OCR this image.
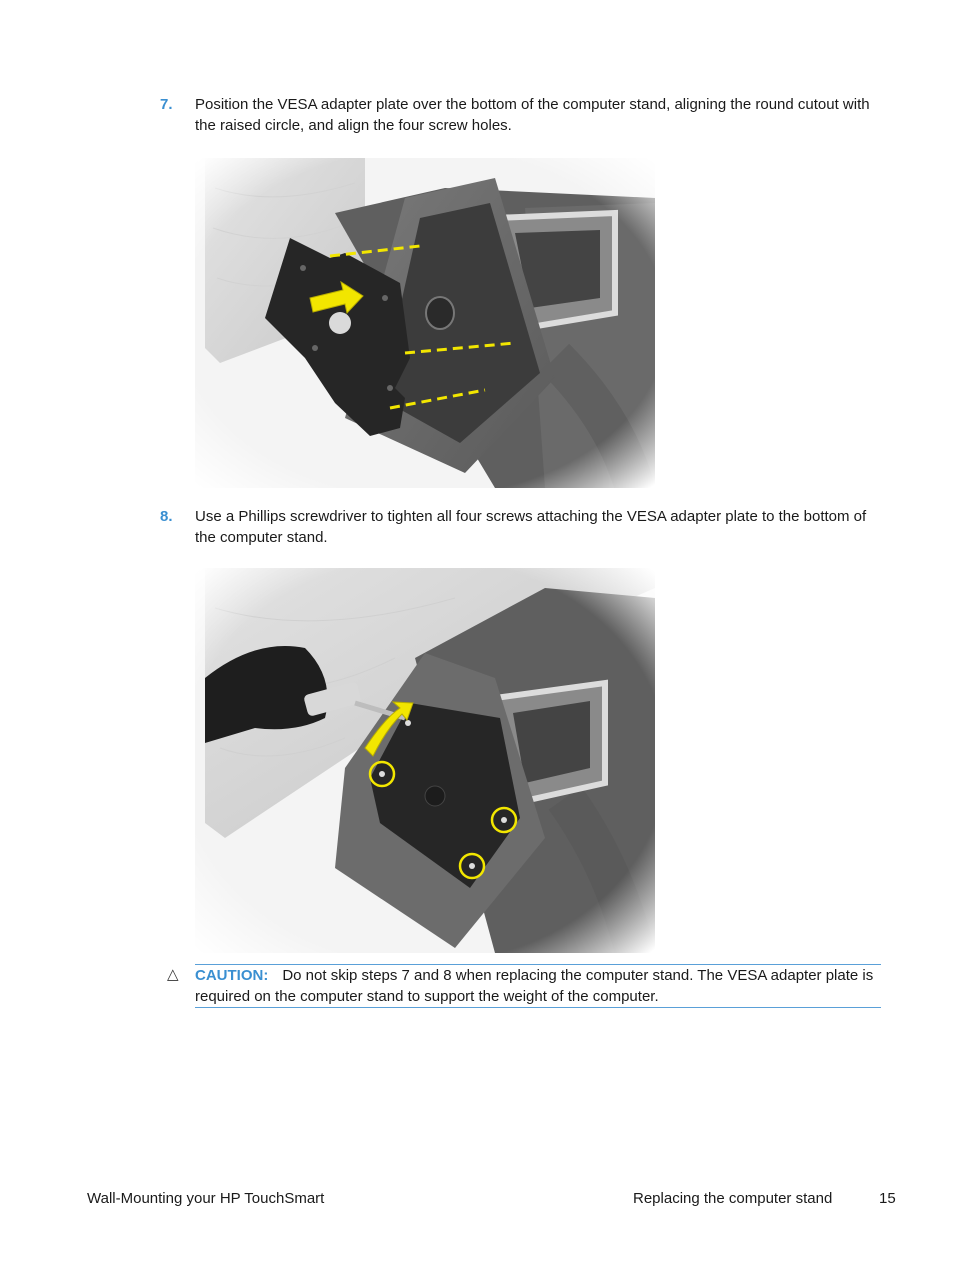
7. Position the VESA adapter plate over the bottom of the computer stand, aligning the round cutout with the raised circle, and align the four screw holes.
8. Use a Phillips screwdriver to tighten all four screws attaching the VESA adapter plate to the bottom of the computer stand.
△ CAUTION: Do not skip steps 7 and 8 when replacing the computer stand. The VESA adapter plate is required on the computer stand to support the weight of the computer.
Wall-Mounting your HP TouchSmart	Replacing the computer stand	15
